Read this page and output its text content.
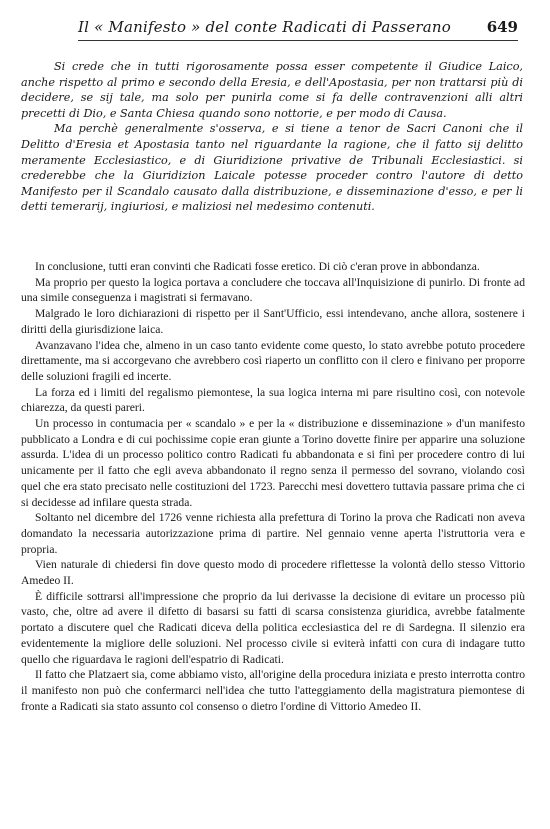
Il « Manifesto » del conte Radicati di Passerano 649

Si crede che in tutti rigorosamente possa esser competente il Giudice Laico, anche rispetto al primo e secondo della Eresia, e dell'Apostasia, per non trattarsi più di decidere, se sij tale, ma solo per punirla come si fa delle contravenzioni alli altri precetti di Dio, e Santa Chiesa quando sono nottorie, e per modo di Causa.

Ma perchè generalmente s'osserva, e si tiene a tenor de Sacri Canoni che il Delitto d'Eresia et Apostasia tanto nel riguardante la ragione, che il fatto sij delitto meramente Ecclesiastico, e di Giuridizione privative de Tribunali Ecclesiastici. si crederebbe che la Giuridizion Laicale potesse proceder contro l'autore di detto Manifesto per il Scandalo causato dalla distribuzione, e disseminazione d'esso, e per li detti temerarij, ingiuriosi, e maliziosi nel medesimo contenuti.

In conclusione, tutti eran convinti che Radicati fosse eretico. Di ciò c'eran prove in abbondanza.

Ma proprio per questo la logica portava a concludere che toccava all'Inquisizione di punirlo. Di fronte ad una simile conseguenza i magistrati si fermavano.

Malgrado le loro dichiarazioni di rispetto per il Sant'Ufficio, essi intendevano, anche allora, sostenere i diritti della giurisdizione laica.

Avanzavano l'idea che, almeno in un caso tanto evidente come questo, lo stato avrebbe potuto procedere direttamente, ma si accorgevano che avrebbero così riaperto un conflitto con il clero e finivano per proporre delle soluzioni fragili ed incerte.

La forza ed i limiti del regalismo piemontese, la sua logica interna mi pare risultino così, con notevole chiarezza, da questi pareri.

Un processo in contumacia per « scandalo » e per la « distribuzione e disseminazione » d'un manifesto pubblicato a Londra e di cui pochissime copie eran giunte a Torino dovette finire per apparire una soluzione assurda. L'idea di un processo politico contro Radicati fu abbandonata e si finì per procedere contro di lui unicamente per il fatto che egli aveva abbandonato il regno senza il permesso del sovrano, violando così quel che era stato precisato nelle costituzioni del 1723. Parecchi mesi dovettero tuttavia passare prima che ci si decidesse ad infilare questa strada.

Soltanto nel dicembre del 1726 venne richiesta alla prefettura di Torino la prova che Radicati non aveva domandato la necessaria autorizzazione prima di partire. Nel gennaio venne aperta l'istruttoria vera e propria.

Vien naturale di chiedersi fin dove questo modo di procedere riflettesse la volontà dello stesso Vittorio Amedeo II.

È difficile sottrarsi all'impressione che proprio da lui derivasse la decisione di evitare un processo più vasto, che, oltre ad avere il difetto di basarsi su fatti di scarsa consistenza giuridica, avrebbe fatalmente portato a discutere quel che Radicati diceva della politica ecclesiastica del re di Sardegna. Il silenzio era evidentemente la migliore delle soluzioni. Nel processo civile si eviterà infatti con cura di indagare tutto quello che riguardava le ragioni dell'espatrio di Radicati.

Il fatto che Platzaert sia, come abbiamo visto, all'origine della procedura iniziata e presto interrotta contro il manifesto non può che confermarci nell'idea che tutto l'atteggiamento della magistratura piemontese di fronte a Radicati sia stato assunto col consenso o dietro l'ordine di Vittorio Amedeo II.
